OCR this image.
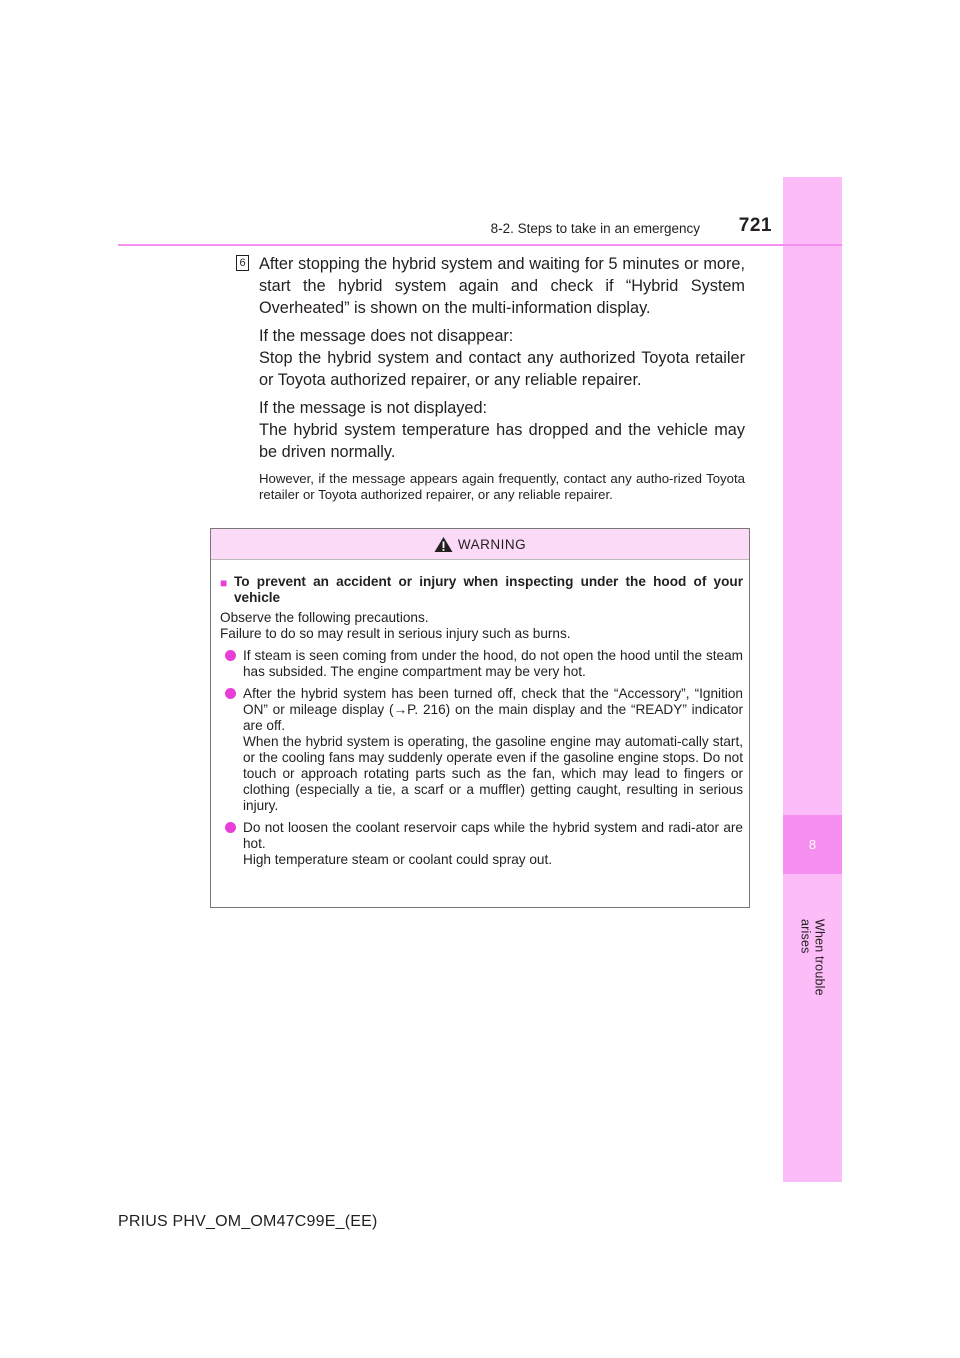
8
When trouble arises
8-2. Steps to take in an emergency	721
6 After stopping the hybrid system and waiting for 5 minutes or more, start the hybrid system again and check if “Hybrid System Overheated” is shown on the multi-information display.

If the message does not disappear:

Stop the hybrid system and contact any authorized Toyota retailer or Toyota authorized repairer, or any reliable repairer.

If the message is not displayed:

The hybrid system temperature has dropped and the vehicle may be driven normally.

However, if the message appears again frequently, contact any autho-rized Toyota retailer or Toyota authorized repairer, or any reliable repairer.

WARNING
■ To prevent an accident or injury when inspecting under the hood of your vehicle
Observe the following precautions.
Failure to do so may result in serious injury such as burns.
If steam is seen coming from under the hood, do not open the hood until the steam has subsided. The engine compartment may be very hot.
After the hybrid system has been turned off, check that the “Accessory”, “Ignition ON” or mileage display (→P. 216) on the main display and the “READY” indicator are off.
When the hybrid system is operating, the gasoline engine may automati-cally start, or the cooling fans may suddenly operate even if the gasoline engine stops. Do not touch or approach rotating parts such as the fan, which may lead to fingers or clothing (especially a tie, a scarf or a muffler) getting caught, resulting in serious injury.
Do not loosen the coolant reservoir caps while the hybrid system and radi-ator are hot.
High temperature steam or coolant could spray out.
PRIUS PHV_OM_OM47C99E_(EE)
